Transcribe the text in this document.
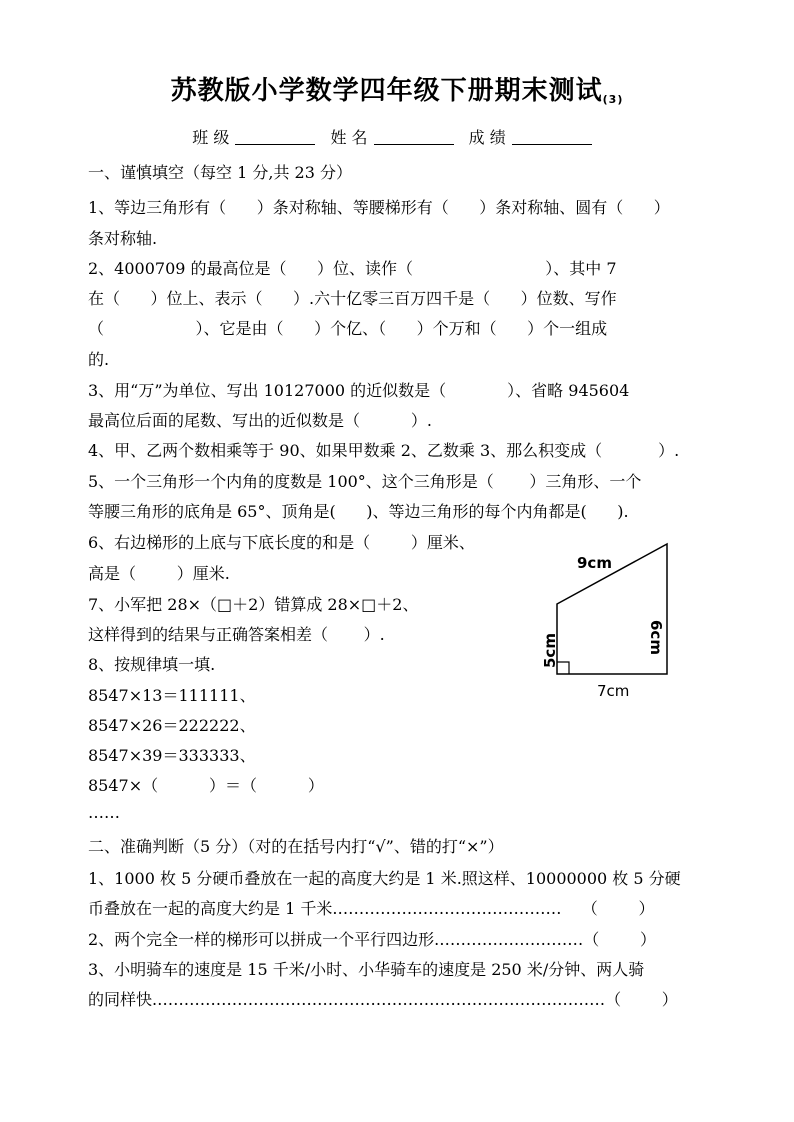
苏教版小学数学四年级下册期末测试$_{(3)}$
班 级	姓 名	成 绩
一、谨慎填空（每空 1 分,共 23 分）
1、等边三角形有（      ）条对称轴、等腰梯形有（      ）条对称轴、圆有（      ）
条对称轴.
2、4000709 的最高位是（      ）位、读作（                          ）、其中 7
在（      ）位上、表示（      ）.六十亿零三百万四千是（      ）位数、写作
（                  ）、它是由（      ）个亿、（      ）个万和（      ）个一组成
的.
3、用“万”为单位、写出 10127000 的近似数是（            ）、省略 945604
最高位后面的尾数、写出的近似数是（          ）.
4、甲、乙两个数相乘等于 90、如果甲数乘 2、乙数乘 3、那么积变成（           ）.
5、一个三角形一个内角的度数是 100°、这个三角形是（       ）三角形、一个
等腰三角形的底角是 65°、顶角是(      )、等边三角形的每个内角都是(      ).
6、右边梯形的上底与下底长度的和是（        ）厘米、
高是（        ）厘米.
7、小军把 28×（□＋2）错算成 28×□＋2、
这样得到的结果与正确答案相差（       ）.
8、按规律填一填.
8547×13＝111111、
8547×26＝222222、
8547×39＝333333、
8547×（          ）＝（          ）
……
二、准确判断（5 分）（对的在括号内打“√”、错的打“×”）
1、1000 枚 5 分硬币叠放在一起的高度大约是 1 米.照这样、10000000 枚 5 分硬
币叠放在一起的高度大约是 1 千米.……………………………………    （        ）
2、两个完全一样的梯形可以拼成一个平行四边形.………………………（        ）
3、小明骑车的速度是 15 千米/小时、小华骑车的速度是 250 米/分钟、两人骑
的同样快.…………………………………………………………………………（        ）
9cm
6cm
5cm
7cm
